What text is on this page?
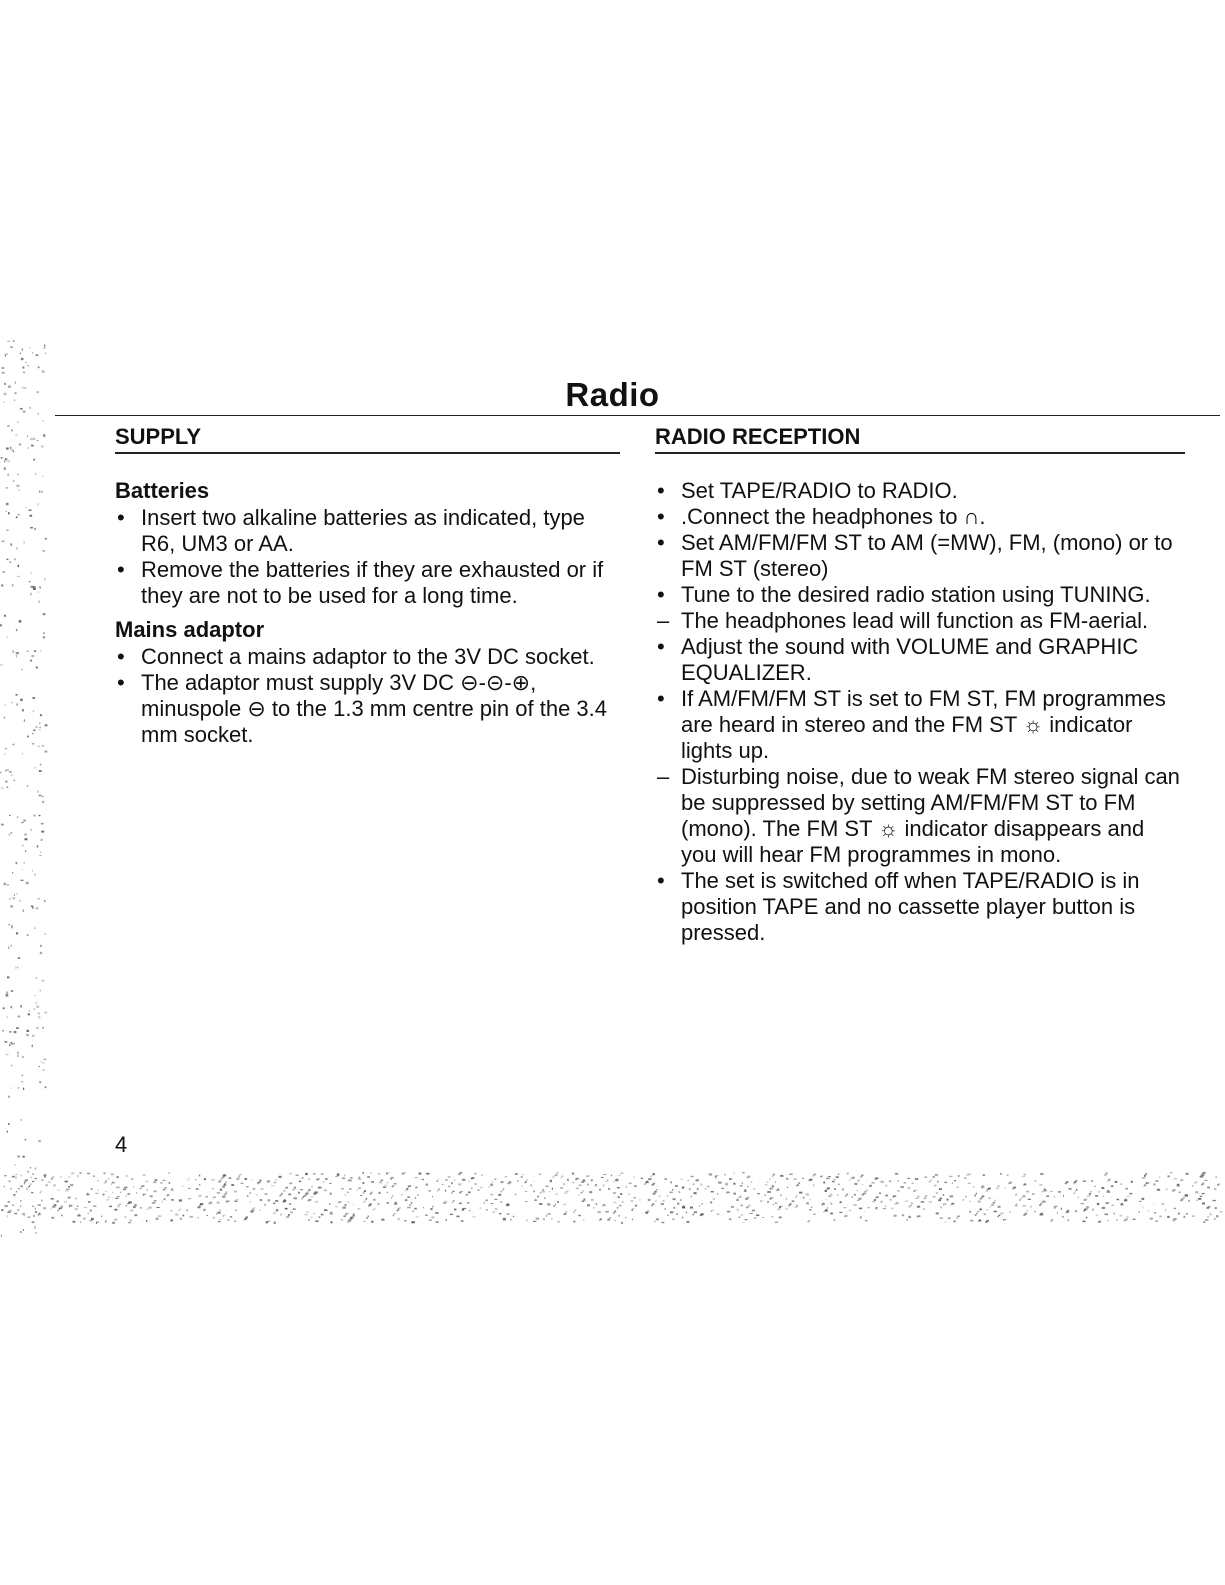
Radio
SUPPLY
Batteries
• Insert two alkaline batteries as indicated, type R6, UM3 or AA.
• Remove the batteries if they are exhausted or if they are not to be used for a long time.
Mains adaptor
• Connect a mains adaptor to the 3V DC socket.
• The adaptor must supply 3V DC ⊖-⊝-⊕, minuspole ⊖ to the 1.3 mm centre pin of the 3.4 mm socket.
RADIO RECEPTION
• Set TAPE/RADIO to RADIO.
• .Connect the headphones to ∩.
• Set AM/FM/FM ST to AM (=MW), FM, (mono) or to FM ST (stereo)
• Tune to the desired radio station using TUNING.
– The headphones lead will function as FM-aerial.
• Adjust the sound with VOLUME and GRAPHIC EQUALIZER.
• If AM/FM/FM ST is set to FM ST, FM programmes are heard in stereo and the FM ST ☼ indicator lights up.
– Disturbing noise, due to weak FM stereo signal can be suppressed by setting AM/FM/FM ST to FM (mono). The FM ST ☼ indicator disappears and you will hear FM programmes in mono.
• The set is switched off when TAPE/RADIO is in position TAPE and no cassette player button is pressed.
4
